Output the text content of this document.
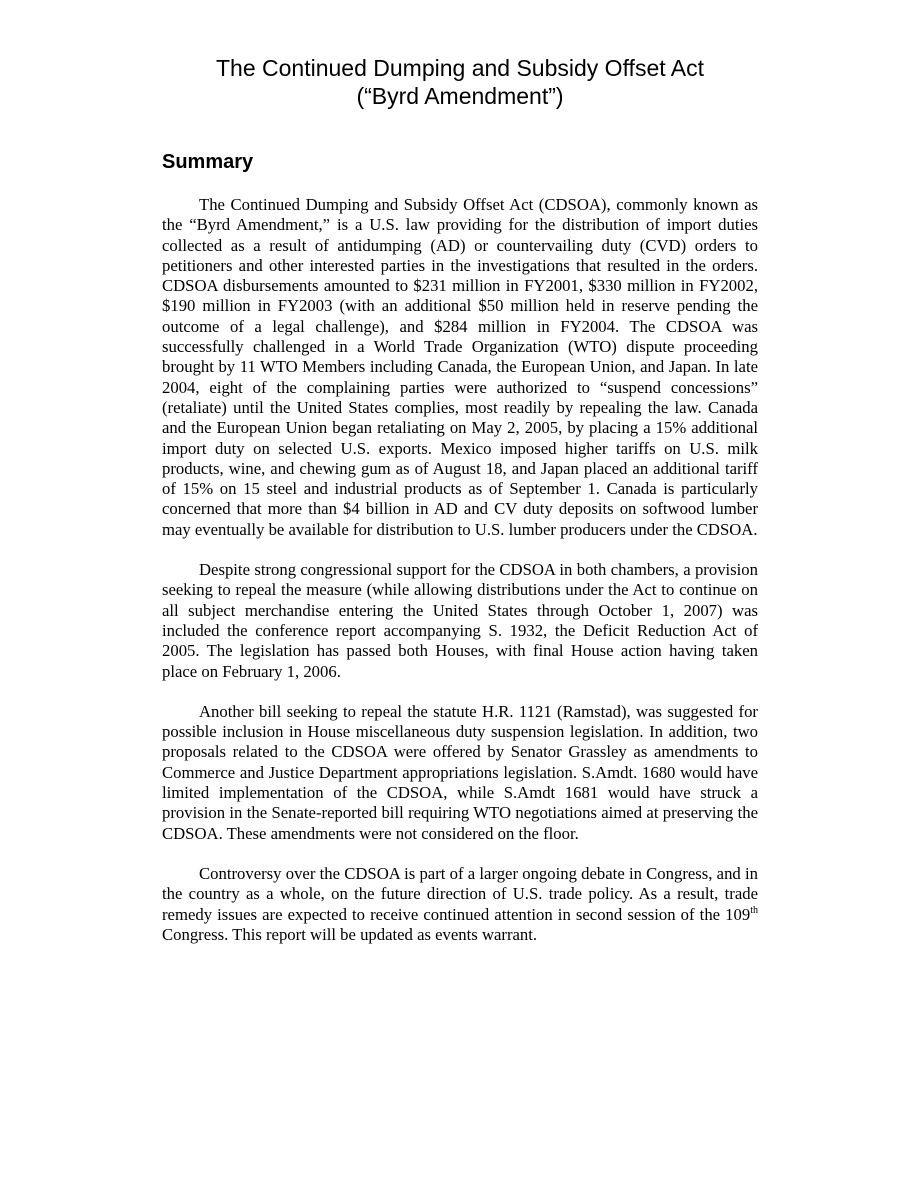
The Continued Dumping and Subsidy Offset Act
(“Byrd Amendment”)
Summary

The Continued Dumping and Subsidy Offset Act (CDSOA), commonly known as the “Byrd Amendment,” is a U.S. law providing for the distribution of import duties collected as a result of antidumping (AD) or countervailing duty (CVD) orders to petitioners and other interested parties in the investigations that resulted in the orders. CDSOA disbursements amounted to $231 million in FY2001, $330 million in FY2002, $190 million in FY2003 (with an additional $50 million held in reserve pending the outcome of a legal challenge), and $284 million in FY2004. The CDSOA was successfully challenged in a World Trade Organization (WTO) dispute proceeding brought by 11 WTO Members including Canada, the European Union, and Japan. In late 2004, eight of the complaining parties were authorized to “suspend concessions” (retaliate) until the United States complies, most readily by repealing the law. Canada and the European Union began retaliating on May 2, 2005, by placing a 15% additional import duty on selected U.S. exports. Mexico imposed higher tariffs on U.S. milk products, wine, and chewing gum as of August 18, and Japan placed an additional tariff of 15% on 15 steel and industrial products as of September 1. Canada is particularly concerned that more than $4 billion in AD and CV duty deposits on softwood lumber may eventually be available for distribution to U.S. lumber producers under the CDSOA.

Despite strong congressional support for the CDSOA in both chambers, a provision seeking to repeal the measure (while allowing distributions under the Act to continue on all subject merchandise entering the United States through October 1, 2007) was included the conference report accompanying S. 1932, the Deficit Reduction Act of 2005. The legislation has passed both Houses, with final House action having taken place on February 1, 2006.

Another bill seeking to repeal the statute H.R. 1121 (Ramstad), was suggested for possible inclusion in House miscellaneous duty suspension legislation. In addition, two proposals related to the CDSOA were offered by Senator Grassley as amendments to Commerce and Justice Department appropriations legislation. S.Amdt. 1680 would have limited implementation of the CDSOA, while S.Amdt 1681 would have struck a provision in the Senate-reported bill requiring WTO negotiations aimed at preserving the CDSOA. These amendments were not considered on the floor.

Controversy over the CDSOA is part of a larger ongoing debate in Congress, and in the country as a whole, on the future direction of U.S. trade policy. As a result, trade remedy issues are expected to receive continued attention in second session of the 109th Congress. This report will be updated as events warrant.
